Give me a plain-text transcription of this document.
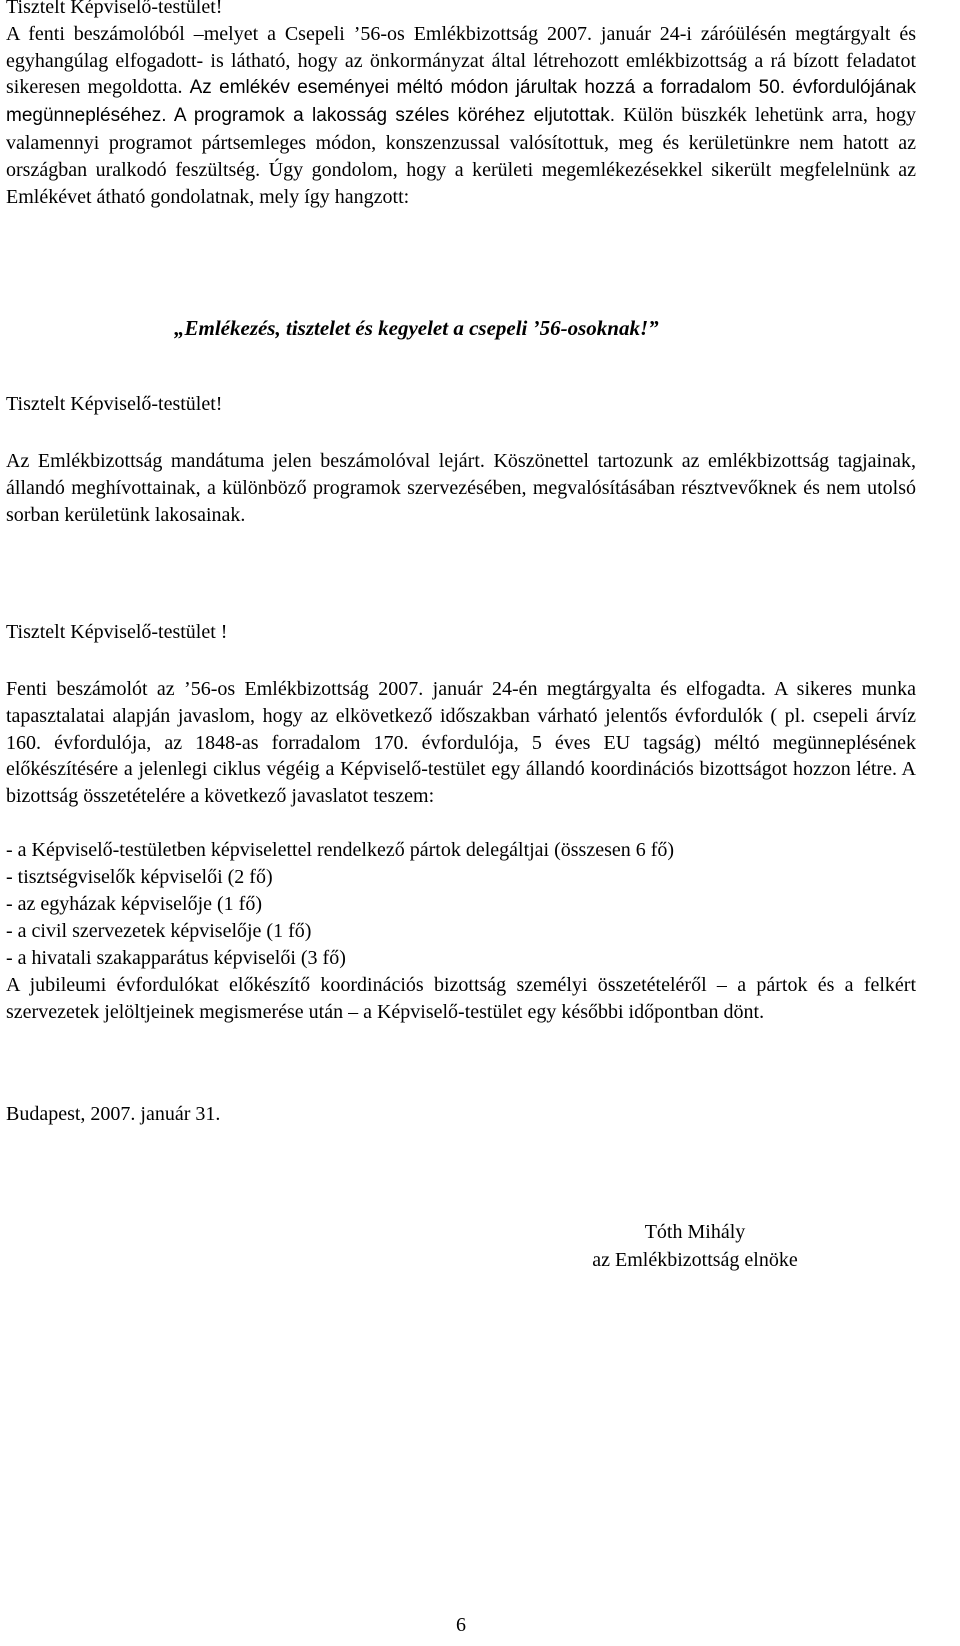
Tisztelt Képviselő-testület!

A fenti beszámolóból –melyet a Csepeli ’56-os Emlékbizottság 2007. január 24-i záróülésén megtárgyalt és egyhangúlag elfogadott- is látható, hogy az önkormányzat által létrehozott emlékbizottság a rá bízott feladatot sikeresen megoldotta. Az emlékév eseményei méltó módon járultak hozzá a forradalom 50. évfordulójának megünnepléséhez. A programok a lakosság széles köréhez eljutottak. Külön büszkék lehetünk arra, hogy valamennyi programot pártsemleges módon, konszenzussal valósítottuk, meg és kerületünkre nem hatott az országban uralkodó feszültség. Úgy gondolom, hogy a kerületi megemlékezésekkel sikerült megfelelnünk az Emlékévet átható gondolatnak, mely így hangzott:

„Emlékezés, tisztelet és kegyelet a csepeli ’56-osoknak!”

Tisztelt Képviselő-testület!

Az Emlékbizottság mandátuma jelen beszámolóval lejárt. Köszönettel tartozunk az emlékbizottság tagjainak, állandó meghívottainak, a különböző programok szervezésében, megvalósításában résztvevőknek és nem utolsó sorban kerületünk lakosainak.

Tisztelt Képviselő-testület !

Fenti beszámolót az ’56-os Emlékbizottság 2007. január 24-én megtárgyalta és elfogadta. A sikeres munka tapasztalatai alapján javaslom, hogy az elkövetkező időszakban várható jelentős évfordulók ( pl. csepeli árvíz 160. évfordulója, az 1848-as forradalom 170. évfordulója, 5 éves EU tagság) méltó megünneplésének előkészítésére a jelenlegi ciklus végéig a Képviselő-testület egy állandó koordinációs bizottságot hozzon létre. A bizottság összetételére a következő javaslatot teszem:

- a Képviselő-testületben képviselettel rendelkező pártok delegáltjai (összesen 6 fő)
- tisztségviselők képviselői (2 fő)
- az egyházak képviselője (1 fő)
- a civil szervezetek képviselője (1 fő)
- a hivatali szakapparátus képviselői (3 fő)

A jubileumi évfordulókat előkészítő koordinációs bizottság személyi összetételéről – a pártok és a felkért szervezetek jelöltjeinek megismerése után – a Képviselő-testület egy későbbi időpontban dönt.

Budapest, 2007. január 31.
Tóth Mihály
az Emlékbizottság elnöke
6
